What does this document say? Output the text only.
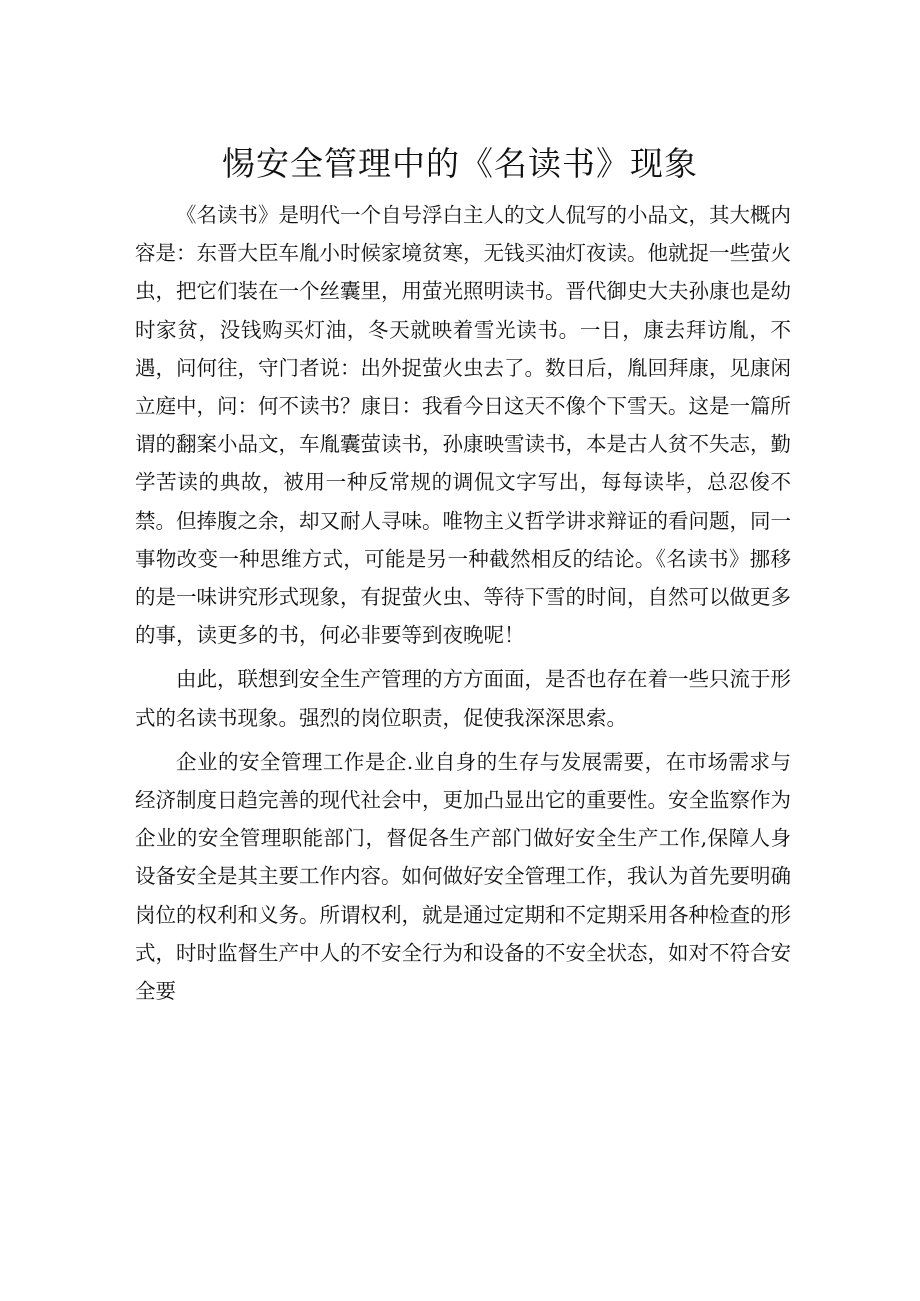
惕安全管理中的《名读书》现象

《名读书》是明代一个自号浮白主人的文人侃写的小品文，其大概内容是：东晋大臣车胤小时候家境贫寒，无钱买油灯夜读。他就捉一些萤火虫，把它们装在一个丝囊里，用萤光照明读书。晋代御史大夫孙康也是幼时家贫，没钱购买灯油，冬天就映着雪光读书。一日，康去拜访胤，不遇，问何往，守门者说：出外捉萤火虫去了。数日后，胤回拜康，见康闲立庭中，问：何不读书？康日：我看今日这天不像个下雪天。这是一篇所谓的翻案小品文，车胤囊萤读书，孙康映雪读书，本是古人贫不失志，勤学苦读的典故，被用一种反常规的调侃文字写出，每每读毕，总忍俊不禁。但捧腹之余，却又耐人寻味。唯物主义哲学讲求辩证的看问题，同一事物改变一种思维方式，可能是另一种截然相反的结论。《名读书》挪移的是一味讲究形式现象，有捉萤火虫、等待下雪的时间，自然可以做更多的事，读更多的书，何必非要等到夜晚呢！

由此，联想到安全生产管理的方方面面，是否也存在着一些只流于形式的名读书现象。强烈的岗位职责，促使我深深思索。

企业的安全管理工作是企.业自身的生存与发展需要，在市场需求与经济制度日趋完善的现代社会中，更加凸显出它的重要性。安全监察作为企业的安全管理职能部门，督促各生产部门做好安全生产工作,保障人身设备安全是其主要工作内容。如何做好安全管理工作，我认为首先要明确岗位的权利和义务。所谓权利，就是通过定期和不定期采用各种检查的形式，时时监督生产中人的不安全行为和设备的不安全状态，如对不符合安全要
